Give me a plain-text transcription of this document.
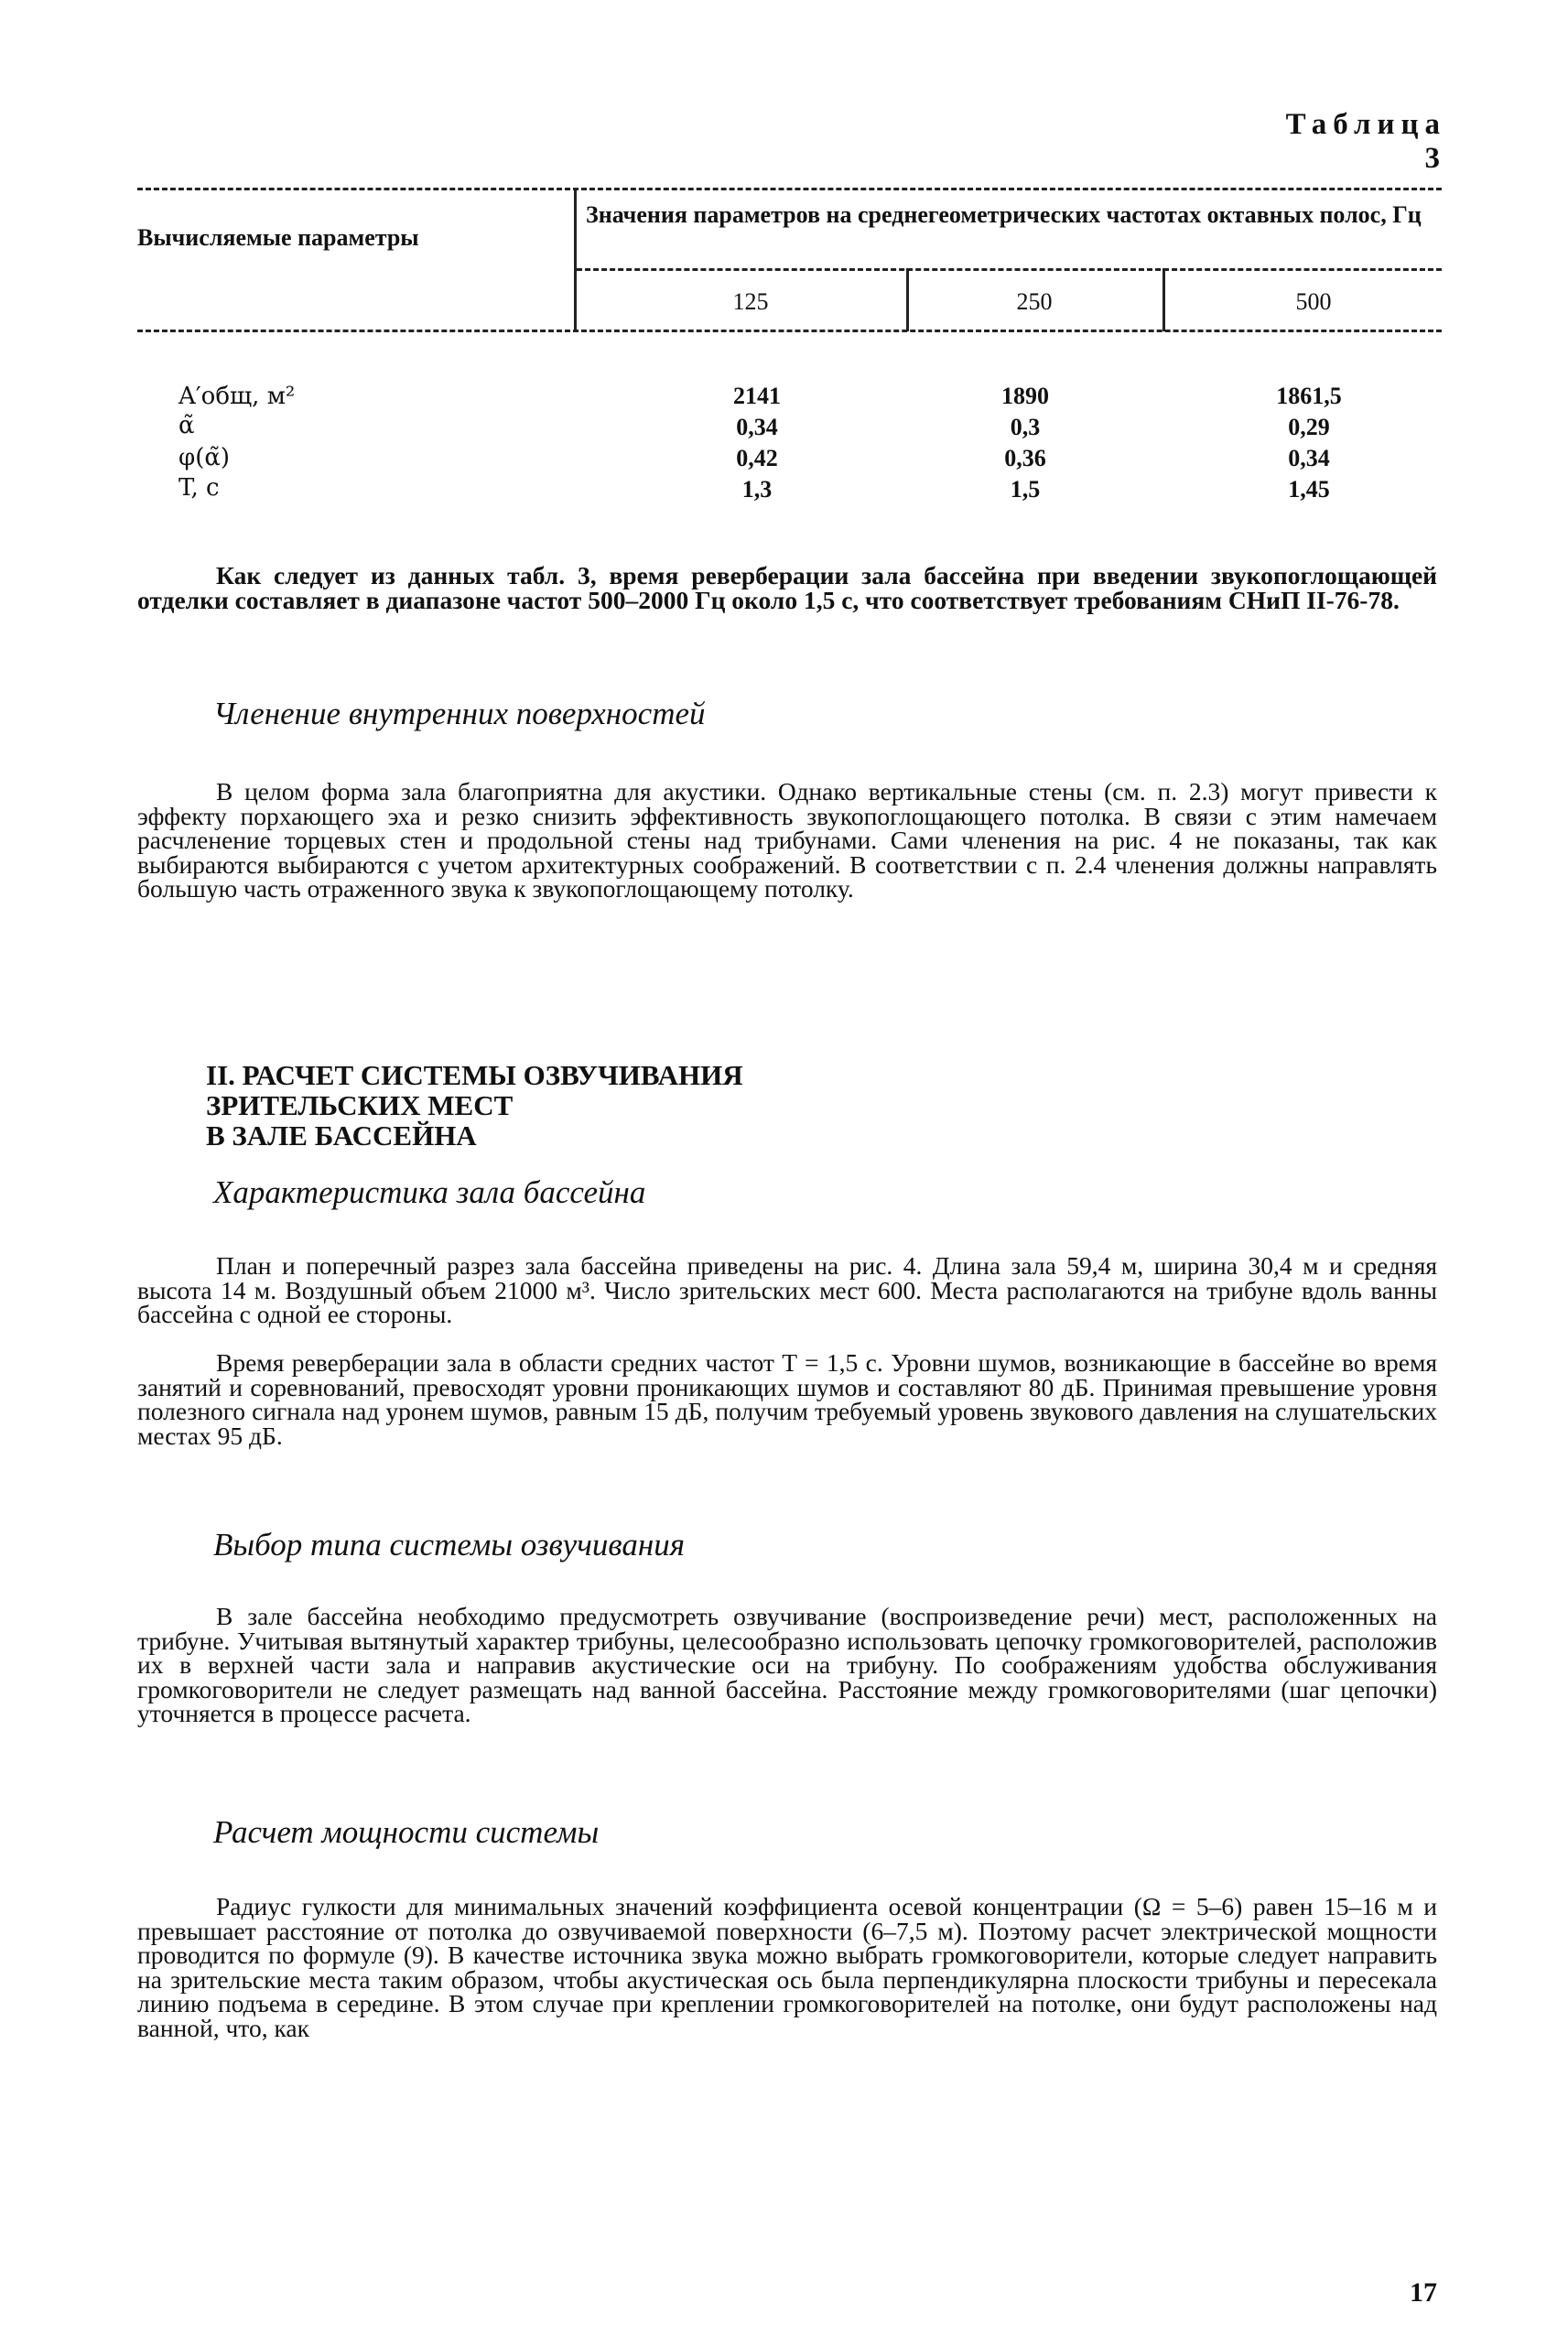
Таблица 3
Вычисляемые параметры
Значения параметров на среднегеометрических частотах октавных полос, Гц
125	250	500
A′общ, м²	2141	1890	1861,5
α̃	0,34	0,3	0,29
φ(α̃)	0,42	0,36	0,34
T, с	1,3	1,5	1,45
Как следует из данных табл. 3, время реверберации зала бассейна при введении звукопоглощающей отделки составляет в диапазоне частот 500–2000 Гц около 1,5 с, что соответствует требованиям СНиП II-76-78.
Членение внутренних поверхностей
В целом форма зала благоприятна для акустики. Однако вертикальные стены (см. п. 2.3) могут привести к эффекту порхающего эха и резко снизить эффективность звукопоглощающего потолка. В связи с этим намечаем расчленение торцевых стен и продольной стены над трибунами. Сами членения на рис. 4 не показаны, так как выбираются выбираются с учетом архитектурных соображений. В соответствии с п. 2.4 членения должны направлять большую часть отраженного звука к звукопоглощающему потолку.
II. РАСЧЕТ СИСТЕМЫ ОЗВУЧИВАНИЯ
ЗРИТЕЛЬСКИХ МЕСТ
В ЗАЛЕ БАССЕЙНА
Характеристика зала бассейна
План и поперечный разрез зала бассейна приведены на рис. 4. Длина зала 59,4 м, ширина 30,4 м и средняя высота 14 м. Воздушный объем 21000 м³. Число зрительских мест 600. Места располагаются на трибуне вдоль ванны бассейна с одной ее стороны.
Время реверберации зала в области средних частот T = 1,5 с. Уровни шумов, возникающие в бассейне во время занятий и соревнований, превосходят уровни проникающих шумов и составляют 80 дБ. Принимая превышение уровня полезного сигнала над уронем шумов, равным 15 дБ, получим требуемый уровень звукового давления на слушательских местах 95 дБ.
Выбор типа системы озвучивания
В зале бассейна необходимо предусмотреть озвучивание (воспроизведение речи) мест, расположенных на трибуне. Учитывая вытянутый характер трибуны, целесообразно использовать цепочку громкоговорителей, расположив их в верхней части зала и направив акустические оси на трибуну. По соображениям удобства обслуживания громкоговорители не следует размещать над ванной бассейна. Расстояние между громкоговорителями (шаг цепочки) уточняется в процессе расчета.
Расчет мощности системы
Радиус гулкости для минимальных значений коэффициента осевой концентрации (Ω = 5–6) равен 15–16 м и превышает расстояние от потолка до озвучиваемой поверхности (6–7,5 м). Поэтому расчет электрической мощности проводится по формуле (9). В качестве источника звука можно выбрать громкоговорители, которые следует направить на зрительские места таким образом, чтобы акустическая ось была перпендикулярна плоскости трибуны и пересекала линию подъема в середине. В этом случае при креплении громкоговорителей на потолке, они будут расположены над ванной, что, как
17
